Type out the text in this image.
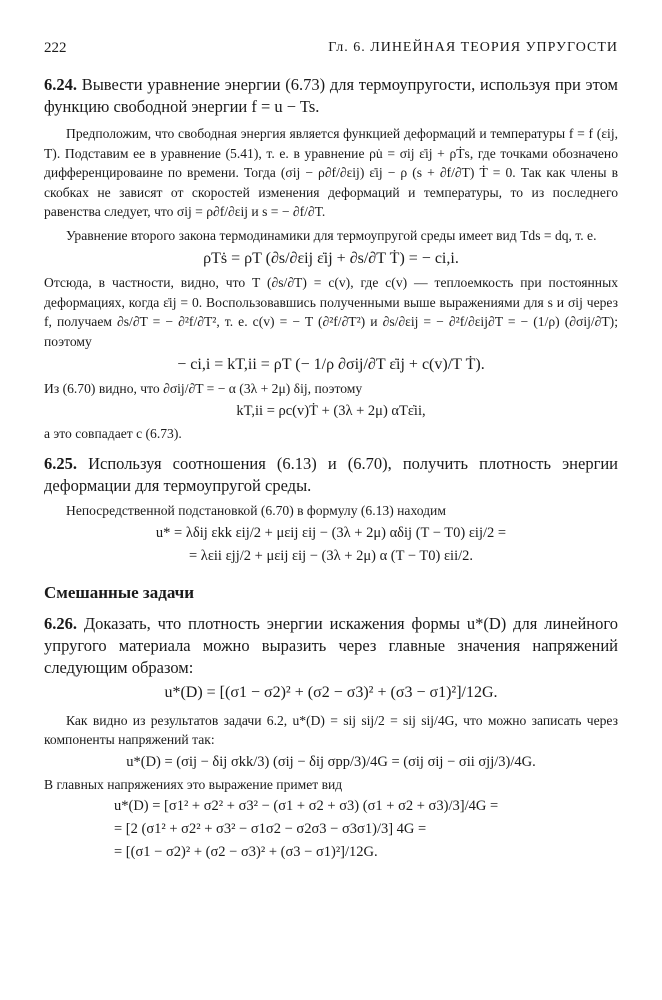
222	Гл. 6. ЛИНЕЙНАЯ ТЕОРИЯ УПРУГОСТИ

6.24. Вывести уравнение энергии (6.73) для термоупругости, используя при этом функцию свободной энергии f = u − Ts.

Предположим, что свободная энергия является функцией деформаций и температуры f = f (εij, T). Подставим ее в уравнение (5.41), т. е. в уравнение ρu̇ = σij ε̇ij + ρṪs, где точками обозначено дифференцироваине по времени. Тогда (σij − ρ∂f/∂εij) ε̇ij − ρ (s + ∂f/∂T) Ṫ = 0. Так как члены в скобках не зависят от скоростей изменения деформаций и температуры, то из последнего равенства следует, что σij = ρ∂f/∂εij и s = − ∂f/∂T.

Уравнение второго закона термодинамики для термоупругой среды имеет вид Tds = dq, т. е.

ρTṡ = ρT (∂s/∂εij ε̇ij + ∂s/∂T Ṫ) = − ci,i.

Отсюда, в частности, видно, что T (∂s/∂T) = c(v), где c(v) — теплоемкость при постоянных деформациях, когда ε̇ij = 0. Воспользовавшись полученными выше выражениями для s и σij через f, получаем ∂s/∂T = − ∂²f/∂T², т. е. c(v) = − T (∂²f/∂T²) и ∂s/∂εij = − ∂²f/∂εij∂T = − (1/ρ) (∂σij/∂T); поэтому

− ci,i = kT,ii = ρT (− 1/ρ ∂σij/∂T ε̇ij + c(v)/T Ṫ).

Из (6.70) видно, что ∂σij/∂T = − α (3λ + 2μ) δij, поэтому

kT,ii = ρc(v)Ṫ + (3λ + 2μ) αTε̇ii,

а это совпадает с (6.73).

6.25. Используя соотношения (6.13) и (6.70), получить плотность энергии деформации для термоупругой среды.

Непосредственной подстановкой (6.70) в формулу (6.13) находим

u* = λδij εkk εij/2 + μεij εij − (3λ + 2μ) αδij (T − T0) εij/2 =
= λεii εjj/2 + μεij εij − (3λ + 2μ) α (T − T0) εii/2.

Смешанные задачи

6.26. Доказать, что плотность энергии искажения формы u*(D) для линейного упругого материала можно выразить через главные значения напряжений следующим образом:

u*(D) = [(σ1 − σ2)² + (σ2 − σ3)² + (σ3 − σ1)²]/12G.

Как видно из результатов задачи 6.2, u*(D) = sij sij/2 = sij sij/4G, что можно записать через компоненты напряжений так:

u*(D) = (σij − δij σkk/3) (σij − δij σpp/3)/4G = (σij σij − σii σjj/3)/4G.

В главных напряжениях это выражение примет вид

u*(D) = [σ1² + σ2² + σ3² − (σ1 + σ2 + σ3) (σ1 + σ2 + σ3)/3]/4G =
= [2 (σ1² + σ2² + σ3² − σ1σ2 − σ2σ3 − σ3σ1)/3] 4G =
= [(σ1 − σ2)² + (σ2 − σ3)² + (σ3 − σ1)²]/12G.
